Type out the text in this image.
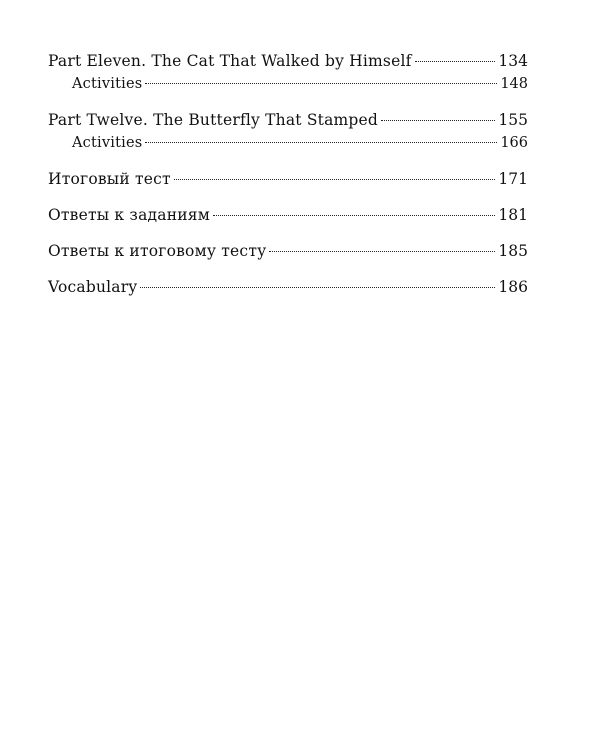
Part Eleven. The Cat That Walked by Himself	134
Activities	148
Part Twelve. The Butterfly That Stamped	155
Activities	166
Итоговый тест	171
Ответы к заданиям	181
Ответы к итоговому тесту	185
Vocabulary	186
